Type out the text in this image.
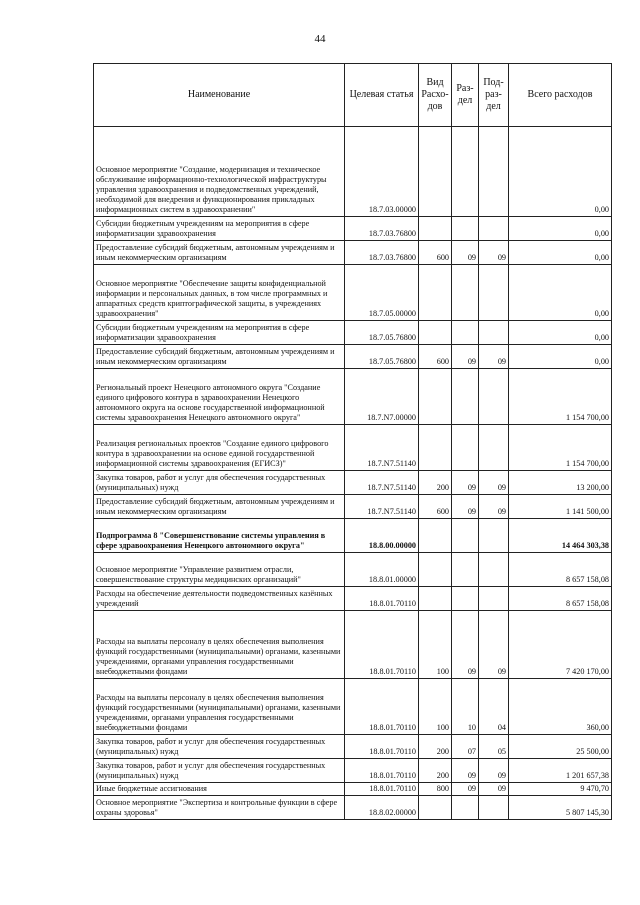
44
Наименование	Целевая статья	Вид Расхо-дов	Раз-дел	Под-раз-дел	Всего расходов
Основное мероприятие "Создание, модернизация и техническое обслуживание информационно-технологической инфраструктуры управления здравоохранения и подведомственных учреждений, необходимой для внедрения и функционирования прикладных информационных систем в здравоохранении"	18.7.03.00000				0,00
Субсидии бюджетным учреждениям на мероприятия в сфере информатизации здравоохранения	18.7.03.76800				0,00
Предоставление субсидий бюджетным, автономным учреждениям и иным некоммерческим организациям	18.7.03.76800	600	09	09	0,00
Основное мероприятие "Обеспечение защиты конфиденциальной информации и персональных данных, в том числе программных и аппаратных средств криптографической защиты, в учреждениях здравоохранения"	18.7.05.00000				0,00
Субсидии бюджетным учреждениям на мероприятия в сфере информатизации здравоохранения	18.7.05.76800				0,00
Предоставление субсидий бюджетным, автономным учреждениям и иным некоммерческим организациям	18.7.05.76800	600	09	09	0,00
Региональный проект Ненецкого автономного округа "Создание единого цифрового контура в здравоохранении Ненецкого автономного округа на основе государственной информационной системы здравоохранения Ненецкого автономного округа"	18.7.N7.00000				1 154 700,00
Реализация региональных проектов "Создание единого цифрового контура в здравоохранении на основе единой государственной информационной системы здравоохранения (ЕГИСЗ)"	18.7.N7.51140				1 154 700,00
Закупка товаров, работ и услуг для обеспечения государственных (муниципальных) нужд	18.7.N7.51140	200	09	09	13 200,00
Предоставление субсидий бюджетным, автономным учреждениям и иным некоммерческим организациям	18.7.N7.51140	600	09	09	1 141 500,00
Подпрограмма 8 "Совершенствование системы управления в сфере здравоохранения Ненецкого автономного округа"	18.8.00.00000				14 464 303,38
Основное мероприятие "Управление развитием отрасли, совершенствование структуры медицинских организаций"	18.8.01.00000				8 657 158,08
Расходы на обеспечение деятельности подведомственных казённых учреждений	18.8.01.70110				8 657 158,08
Расходы на выплаты персоналу в целях обеспечения выполнения функций государственными (муниципальными) органами, казенными учреждениями, органами управления государственными внебюджетными фондами	18.8.01.70110	100	09	09	7 420 170,00
Расходы на выплаты персоналу в целях обеспечения выполнения функций государственными (муниципальными) органами, казенными учреждениями, органами управления государственными внебюджетными фондами	18.8.01.70110	100	10	04	360,00
Закупка товаров, работ и услуг для обеспечения государственных (муниципальных) нужд	18.8.01.70110	200	07	05	25 500,00
Закупка товаров, работ и услуг для обеспечения государственных (муниципальных) нужд	18.8.01.70110	200	09	09	1 201 657,38
Иные бюджетные ассигнования	18.8.01.70110	800	09	09	9 470,70
Основное мероприятие "Экспертиза и контрольные функции в сфере охраны здоровья"	18.8.02.00000				5 807 145,30
